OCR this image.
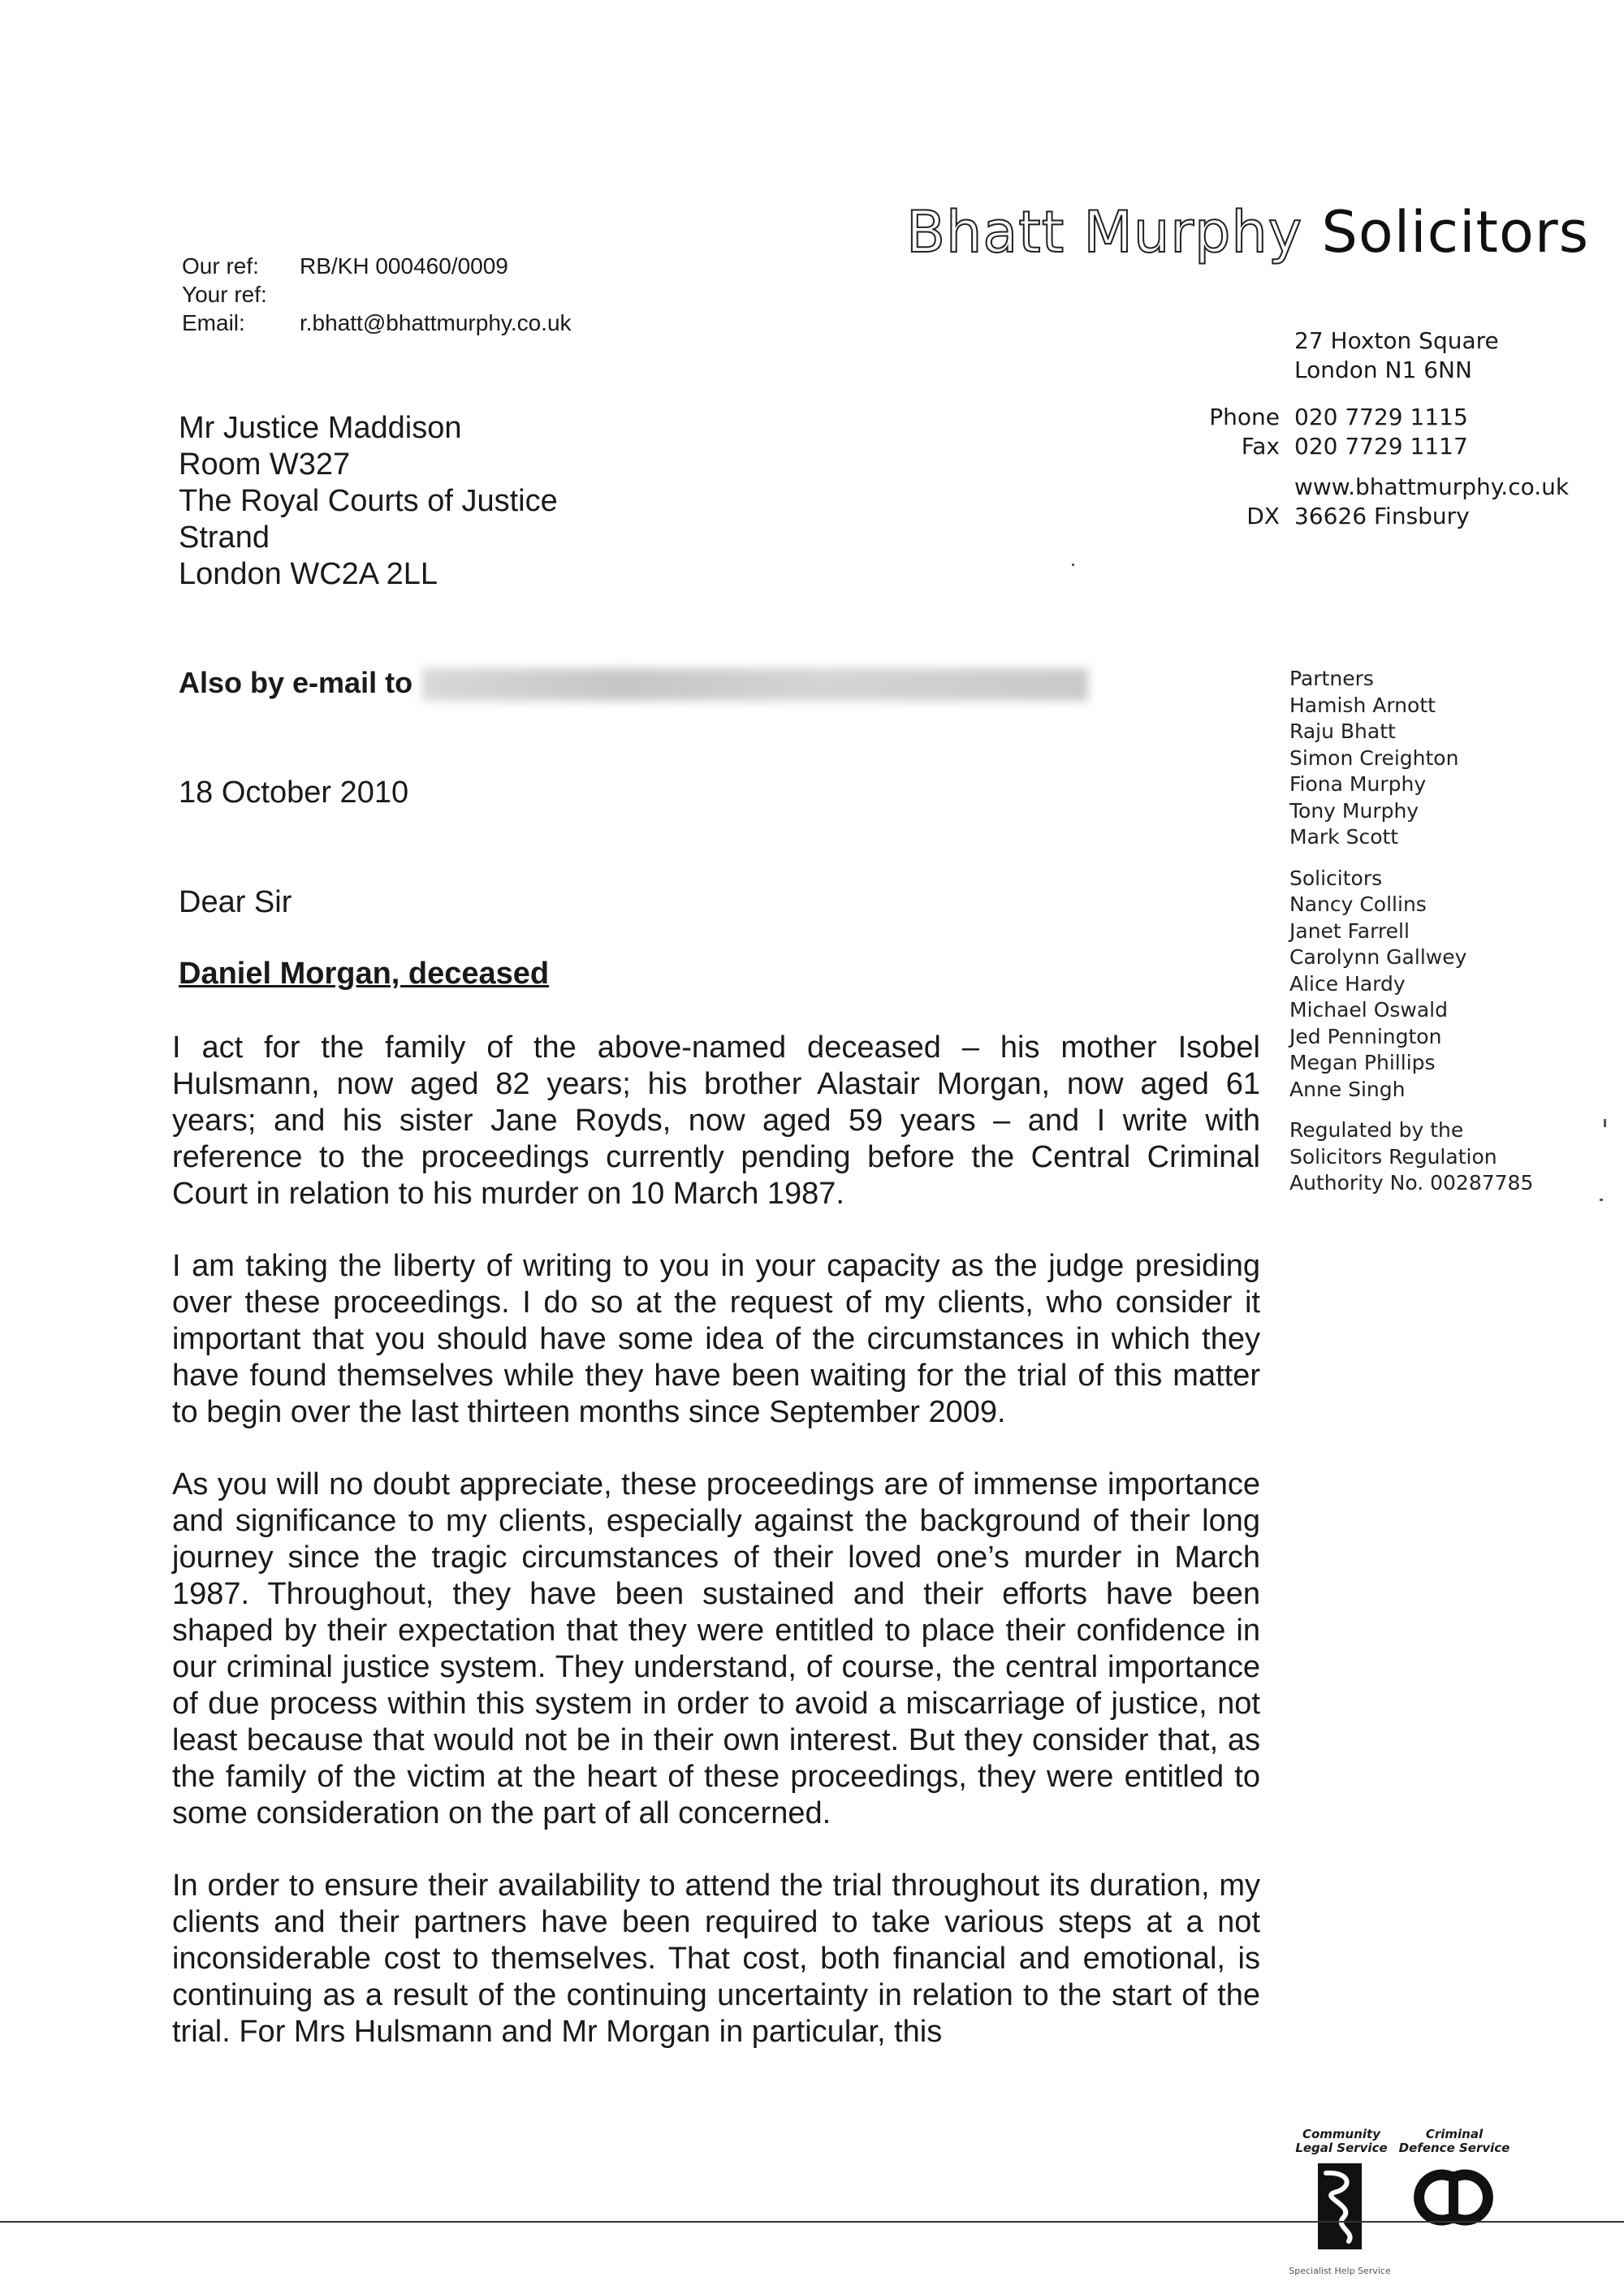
Bhatt Murphy Solicitors
Our ref:	RB/KH 000460/0009
Your ref:
Email:	r.bhatt@bhattmurphy.co.uk
27 Hoxton Square
London N1 6NN
Phone 020 7729 1115
Fax 020 7729 1117
www.bhattmurphy.co.uk
DX 36626 Finsbury
Mr Justice Maddison
Room W327
The Royal Courts of Justice
Strand
London WC2A 2LL
Also by e-mail to
18 October 2010
Dear Sir
Daniel Morgan, deceased

I act for the family of the above-named deceased – his mother Isobel Hulsmann, now aged 82 years; his brother Alastair Morgan, now aged 61 years; and his sister Jane Royds, now aged 59 years – and I write with reference to the proceedings currently pending before the Central Criminal Court in relation to his murder on 10 March 1987.

I am taking the liberty of writing to you in your capacity as the judge presiding over these proceedings. I do so at the request of my clients, who consider it important that you should have some idea of the circumstances in which they have found themselves while they have been waiting for the trial of this matter to begin over the last thirteen months since September 2009.

As you will no doubt appreciate, these proceedings are of immense importance and significance to my clients, especially against the background of their long journey since the tragic circumstances of their loved one’s murder in March 1987. Throughout, they have been sustained and their efforts have been shaped by their expectation that they were entitled to place their confidence in our criminal justice system. They understand, of course, the central importance of due process within this system in order to avoid a miscarriage of justice, not least because that would not be in their own interest. But they consider that, as the family of the victim at the heart of these proceedings, they were entitled to some consideration on the part of all concerned.

In order to ensure their availability to attend the trial throughout its duration, my clients and their partners have been required to take various steps at a not inconsiderable cost to themselves. That cost, both financial and emotional, is continuing as a result of the continuing uncertainty in relation to the start of the trial. For Mrs Hulsmann and Mr Morgan in particular, this

Partners
Hamish Arnott
Raju Bhatt
Simon Creighton
Fiona Murphy
Tony Murphy
Mark Scott
Solicitors
Nancy Collins
Janet Farrell
Carolynn Gallwey
Alice Hardy
Michael Oswald
Jed Pennington
Megan Phillips
Anne Singh
Regulated by the
Solicitors Regulation
Authority No. 00287785
Community
Legal Service
Criminal
Defence Service
Specialist Help Service
